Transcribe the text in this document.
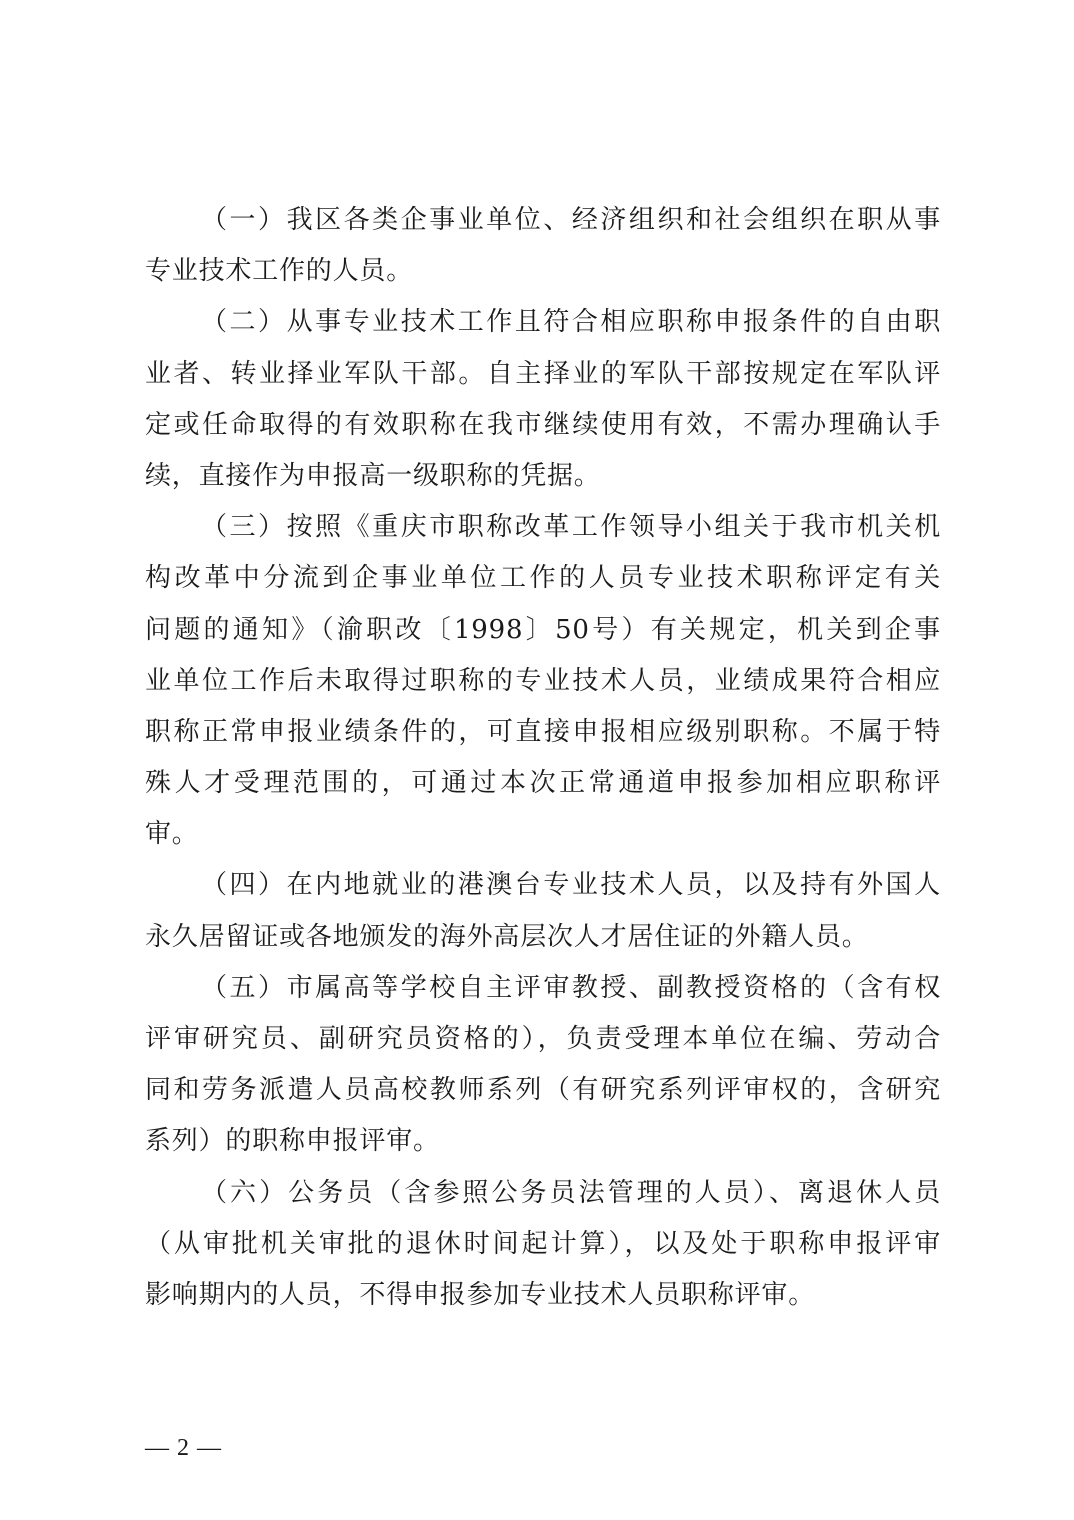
（一）我区各类企事业单位、经济组织和社会组织在职从事
专业技术工作的人员。
（二）从事专业技术工作且符合相应职称申报条件的自由职
业者、转业择业军队干部。自主择业的军队干部按规定在军队评
定或任命取得的有效职称在我市继续使用有效，不需办理确认手
续，直接作为申报高一级职称的凭据。
（三）按照《重庆市职称改革工作领导小组关于我市机关机
构改革中分流到企事业单位工作的人员专业技术职称评定有关
问题的通知》（渝职改〔1998〕50号）有关规定，机关到企事
业单位工作后未取得过职称的专业技术人员，业绩成果符合相应
职称正常申报业绩条件的，可直接申报相应级别职称。不属于特
殊人才受理范围的，可通过本次正常通道申报参加相应职称评
审。
（四）在内地就业的港澳台专业技术人员，以及持有外国人
永久居留证或各地颁发的海外高层次人才居住证的外籍人员。
（五）市属高等学校自主评审教授、副教授资格的（含有权
评审研究员、副研究员资格的），负责受理本单位在编、劳动合
同和劳务派遣人员高校教师系列（有研究系列评审权的，含研究
系列）的职称申报评审。
（六）公务员（含参照公务员法管理的人员）、离退休人员
（从审批机关审批的退休时间起计算），以及处于职称申报评审
影响期内的人员，不得申报参加专业技术人员职称评审。
— 2 —
